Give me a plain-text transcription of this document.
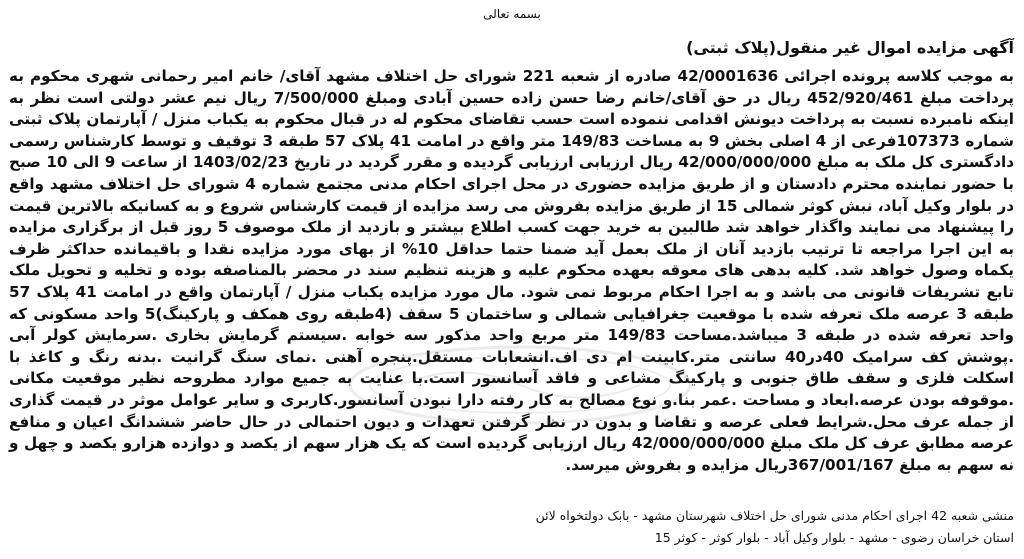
بسمه تعالی
آگهی مزایده اموال غیر منقول(پلاک ثبتی)
به موجب کلاسه پرونده اجرائی 42/0001636 صادره از شعبه 221 شورای حل اختلاف مشهد آقای/ خانم امیر رحمانی شهری محکوم به پرداخت مبلغ 452/920/461 ریال در حق آقای/خانم رضا حسن زاده حسین آبادی ومبلغ 7/500/000 ریال نیم عشر دولتی است نظر به اینکه نامبرده نسبت به پرداخت دیونش اقدامی ننموده است حسب تقاضای محکوم له در قبال محکوم به یکباب منزل / آپارتمان پلاک ثبتی شماره 107373فرعی از 4 اصلی بخش 9 به مساخت 149/83 متر واقع در امامت 41 پلاک 57 طبقه 3 توقیف و توسط کارشناس رسمی دادگستری کل ملک به مبلغ 42/000/000/000 ریال ارزیابی ارزیابی گردیده و مقرر گردید در تاریخ 1403/02/23 از ساعت 9 الی 10 صبح با حضور نماینده محترم دادستان و از طریق مزایده حضوری در محل اجرای احکام مدنی مجتمع شماره 4 شورای حل اختلاف مشهد واقع در بلوار وکیل آباد، نبش کوثر شمالی 15 از طریق مزایده بفروش می رسد مزایده از قیمت کارشناس شروع و به کسانیکه بالاترین قیمت را پیشنهاد می نمایند واگذار خواهد شد طالبین به خرید جهت کسب اطلاع بیشتر و بازدید از ملک موصوف 5 روز قبل از برگزاری مزایده به این اجرا مراجعه تا ترتیب بازدید آنان از ملک بعمل آید ضمنا حتما حداقل 10% از بهای مورد مزایده نقدا و باقیمانده حداکثر ظرف یکماه وصول خواهد شد. کلیه بدهی های معوقه بعهده محکوم علیه و هزینه تنظیم سند در محضر بالمناصفه بوده و تخلیه و تحویل ملک تابع تشریفات قانونی می باشد و به اجرا احکام مربوط نمی شود. مال مورد مزایده یکباب منزل / آپارتمان واقع در امامت 41 پلاک 57 طبقه 3 عرصه ملک تعرفه شده با موقعیت جغرافیایی شمالی و ساختمان 5 سقف (4طبقه روی همکف و پارکینگ)5 واحد مسکونی که واحد تعرفه شده در طبقه 3 میباشد.مساحت 149/83 متر مربع واحد مذکور سه خوابه .سیستم گرمایش بخاری .سرمایش کولر آبی .پوشش کف سرامیک 40در40 سانتی متر.کابینت ام دی اف.انشعابات مستقل.پنجره آهنی .نمای سنگ گرانیت .بدنه رنگ و کاغذ با اسکلت فلزی و سقف طاق جنوبی و پارکینگ مشاعی و فاقد آسانسور است.با عنایت به جمیع موارد مطروحه نظیر موقعیت مکانی .موقوفه بودن عرصه.ابعاد و مساحت .عمر بنا.و نوع مصالح به کار رفته دارا نبودن آسانسور.کاربری و سایر عوامل موثر در قیمت گذاری از جمله عرف محل.شرایط فعلی عرصه و تقاضا و بدون در نظر گرفتن تعهدات و دیون احتمالی در حال حاضر ششدانگ اعیان و منافع عرصه مطابق عرف کل ملک مبلغ 42/000/000/000 ریال ارزیابی گردیده است که یک هزار سهم از یکصد و دوازده هزارو یکصد و چهل و نه سهم به مبلغ 367/001/167ریال مزایده و بفروش میرسد.
منشی شعبه 42 اجرای احکام مدنی شورای حل اختلاف شهرستان مشهد - بابک دولتخواه لائن
استان خراسان رضوی - مشهد - بلوار وکیل آباد - بلوار کوثر - کوثر 15
